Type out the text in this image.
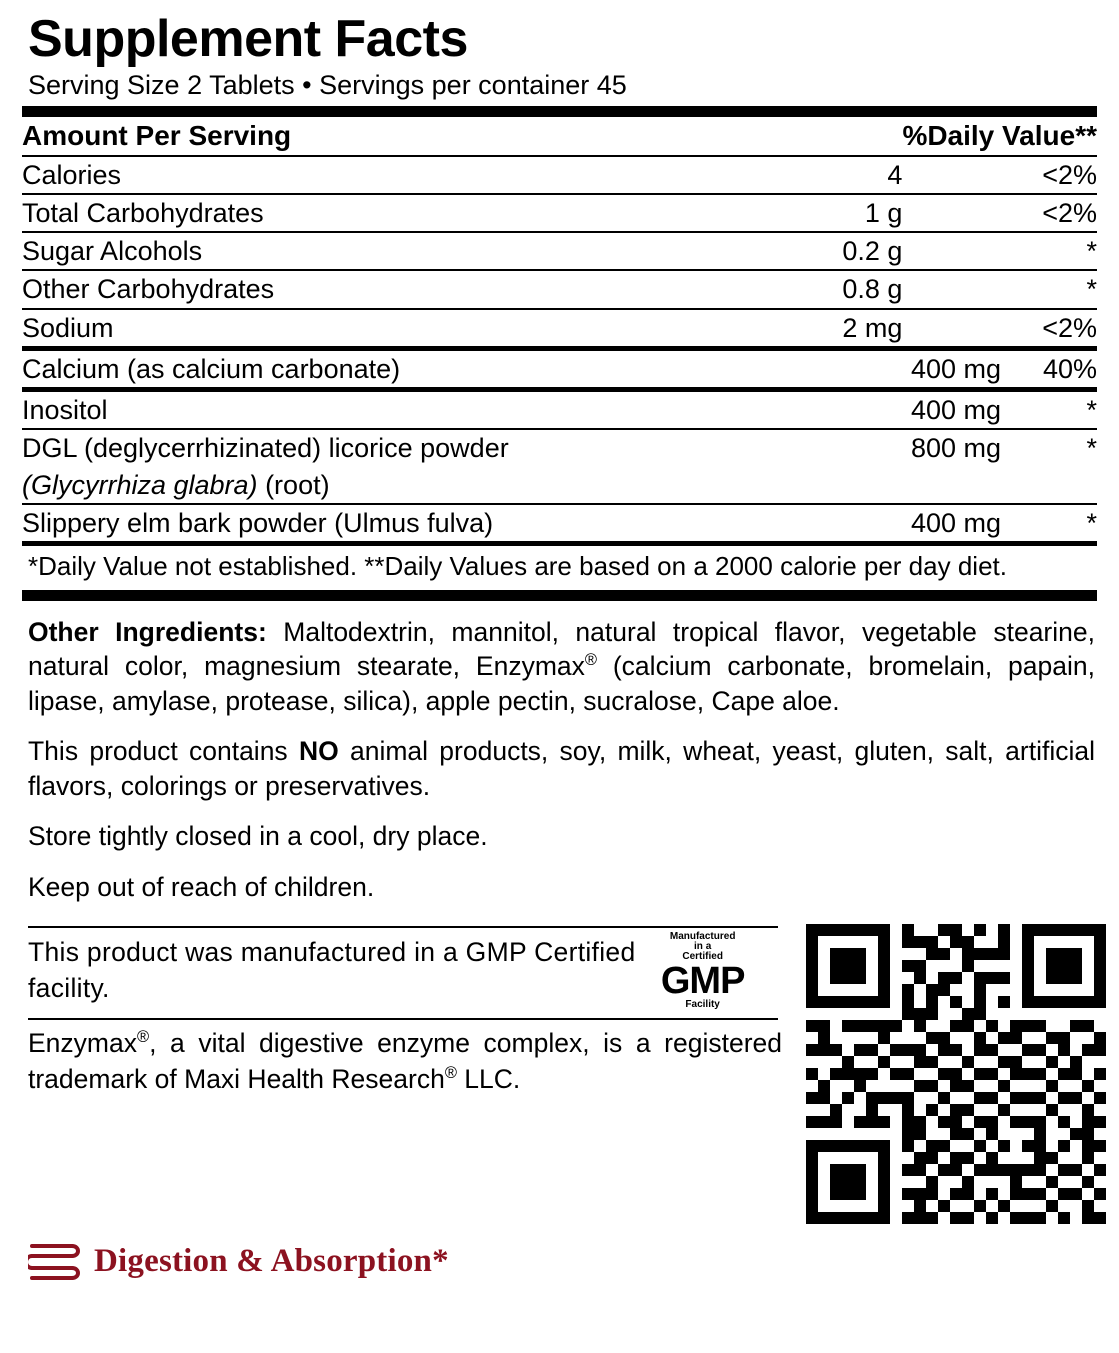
Supplement Facts
Serving Size 2 Tablets • Servings per container 45
Amount Per Serving		%Daily Value**
Calories	4	<2%
Total Carbohydrates	1 g	<2%
Sugar Alcohols	0.2 g	*
Other Carbohydrates	0.8 g	*
Sodium	2 mg	<2%
Calcium (as calcium carbonate)	400 mg	40%
Inositol	400 mg	*
DGL (deglycerrhizinated) licorice powder	800 mg	*
(Glycyrrhiza glabra) (root)		
Slippery elm bark powder (Ulmus fulva)	400 mg	*
*Daily Value not established. **Daily Values are based on a 2000 calorie per day diet.
Other Ingredients: Maltodextrin, mannitol, natural tropical flavor, vegetable stearine, natural color, magnesium stearate, Enzymax® (calcium carbonate, bromelain, papain, lipase, amylase, protease, silica), apple pectin, sucralose, Cape aloe.
This product contains NO animal products, soy, milk, wheat, yeast, gluten, salt, artificial flavors, colorings or preservatives.
Store tightly closed in a cool, dry place.
Keep out of reach of children.
This product was manufactured in a GMP Certified facility.
Manufactured
in a
Certified
GMP
Facility
Enzymax®, a vital digestive enzyme complex, is a registered trademark of Maxi Health Research® LLC.
Digestion & Absorption*
